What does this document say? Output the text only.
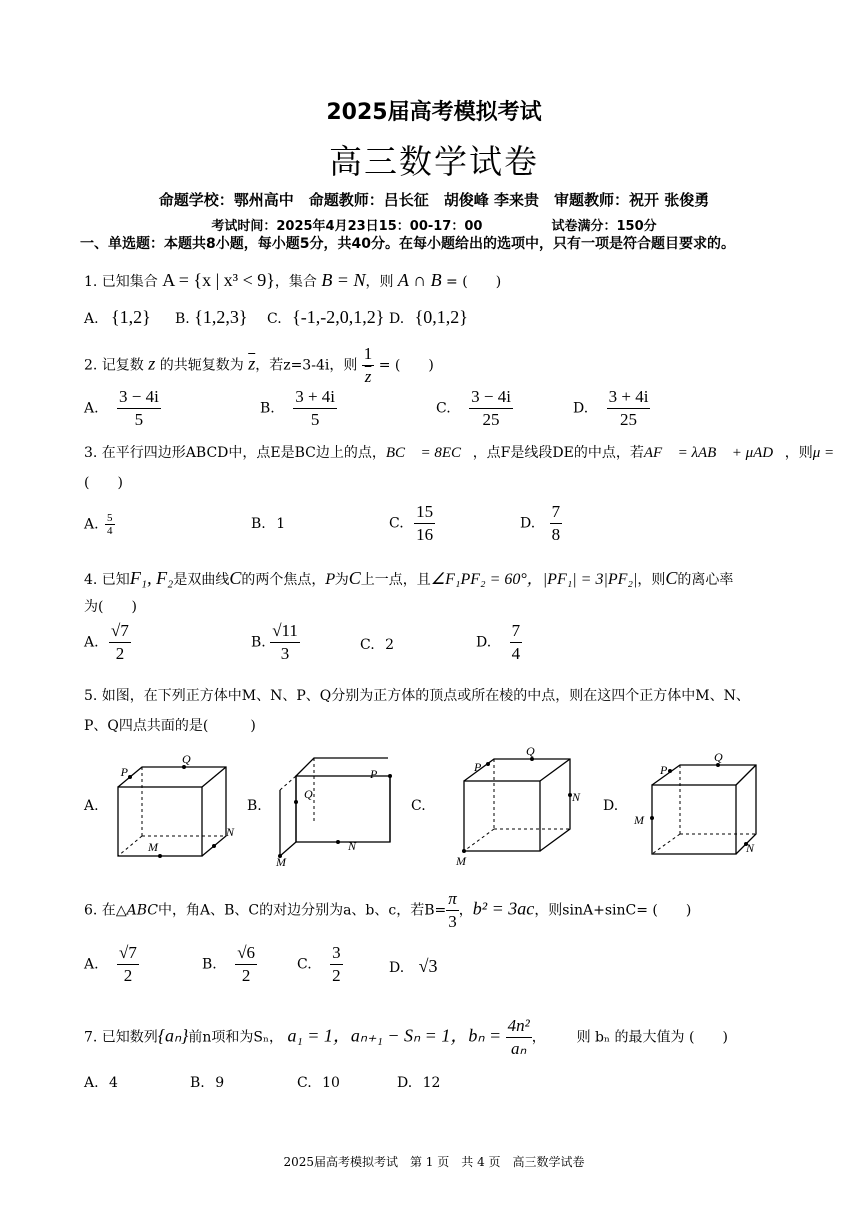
2025届高考模拟考试
高三数学试卷
命题学校：鄂州高中　命题教师：吕长征　胡俊峰 李来贵　审题教师：祝开 张俊勇
考试时间：2025年4月23日15：00-17：00	试卷满分：150分
一、单选题：本题共8小题，每小题5分，共40分。在每小题给出的选项中，只有一项是符合题目要求的。
1. 已知集合 A = {x | x³ < 9}，集合 B = N，则 A ∩ B = (　　)
A. {1,2} B. {1,2,3} C. {-1,-2,0,1,2} D. {0,1,2}
2. 记复数 z 的共轭复数为 $\overline{z}$，若z=3-4i，则 $\frac{1}{z}$ = (　　)
A. $\frac{3 - 4i}{5}$	B. $\frac{3 + 4i}{5}$	C. $\frac{3 - 4i}{25}$	D. $\frac{3 + 4i}{25}$
3. 在平行四边形ABCD中，点E是BC边上的点，BC⃗ = 8EC⃗，点F是线段DE的中点，若AF⃗ = λAB⃗ + μAD⃗，则μ =
(　　)
A. $\frac{5}{4}$	B. 1	C. $\frac{15}{16}$	D. $\frac{7}{8}$
4. 已知F₁, F₂是双曲线C的两个焦点，P为C上一点，且∠F₁PF₂ = 60°，|PF₁| = 3|PF₂|，则C的离心率
为(　　)
A. $\frac{√7}{2}$	B. $\frac{√11}{3}$	C. 2	D. $\frac{7}{4}$
5. 如图，在下列正方体中M、N、P、Q分别为正方体的顶点或所在棱的中点，则在这四个正方体中M、N、
P、Q四点共面的是(　　　)
A.	B.	C.	D.
P
Q
N
M
P
Q
N
M
P
Q
N
M
P
Q
N
M
6. 在△ABC中，角A、B、C的对边分别为a、b、c，若$B= \frac{\pi}{3}$ ，b² = 3ac，则sinA+sinC= (　　)
A. $\frac{√7}{2}$	B. $\frac{√6}{2}$	C. $\frac{3}{2}$	D. √3
7. 已知数列{aₙ}前n项和为Sₙ， a₁ = 1，aₙ₊₁ − Sₙ = 1，$b_n = \frac{\text{4n²}}{\text{aₙ}}$ ， 则 bₙ 的最大值为 (　　)
A. 4	B. 9	C. 10	D. 12
2025届高考模拟考试　第 1 页　共 4 页　高三数学试卷
